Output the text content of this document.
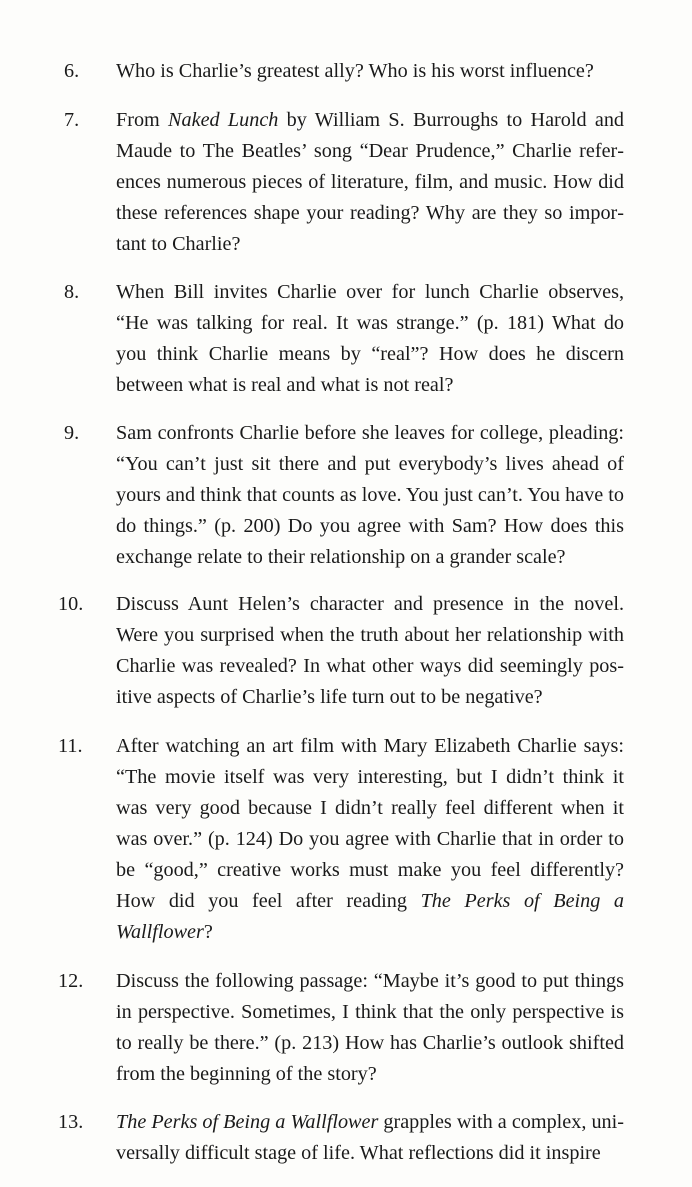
6.	Who is Charlie’s greatest ally? Who is his worst influence?
7.	From Naked Lunch by William S. Burroughs to Harold and Maude to The Beatles’ song “Dear Prudence,” Charlie references numerous pieces of literature, film, and music. How did these references shape your reading? Why are they so important to Charlie?
8.	When Bill invites Charlie over for lunch Charlie observes, “He was talking for real. It was strange.” (p. 181) What do you think Charlie means by “real”? How does he discern between what is real and what is not real?
9.	Sam confronts Charlie before she leaves for college, pleading: “You can’t just sit there and put everybody’s lives ahead of yours and think that counts as love. You just can’t. You have to do things.” (p. 200) Do you agree with Sam? How does this exchange relate to their relationship on a grander scale?
10.	Discuss Aunt Helen’s character and presence in the novel. Were you surprised when the truth about her relationship with Charlie was revealed? In what other ways did seemingly positive aspects of Charlie’s life turn out to be negative?
11.	After watching an art film with Mary Elizabeth Charlie says: “The movie itself was very interesting, but I didn’t think it was very good because I didn’t really feel different when it was over.” (p. 124) Do you agree with Charlie that in order to be “good,” creative works must make you feel differently? How did you feel after reading The Perks of Being a Wallflower?
12.	Discuss the following passage: “Maybe it’s good to put things in perspective. Sometimes, I think that the only perspective is to really be there.” (p. 213) How has Charlie’s outlook shifted from the beginning of the story?
13.	The Perks of Being a Wallflower grapples with a complex, universally difficult stage of life. What reflections did it inspire
